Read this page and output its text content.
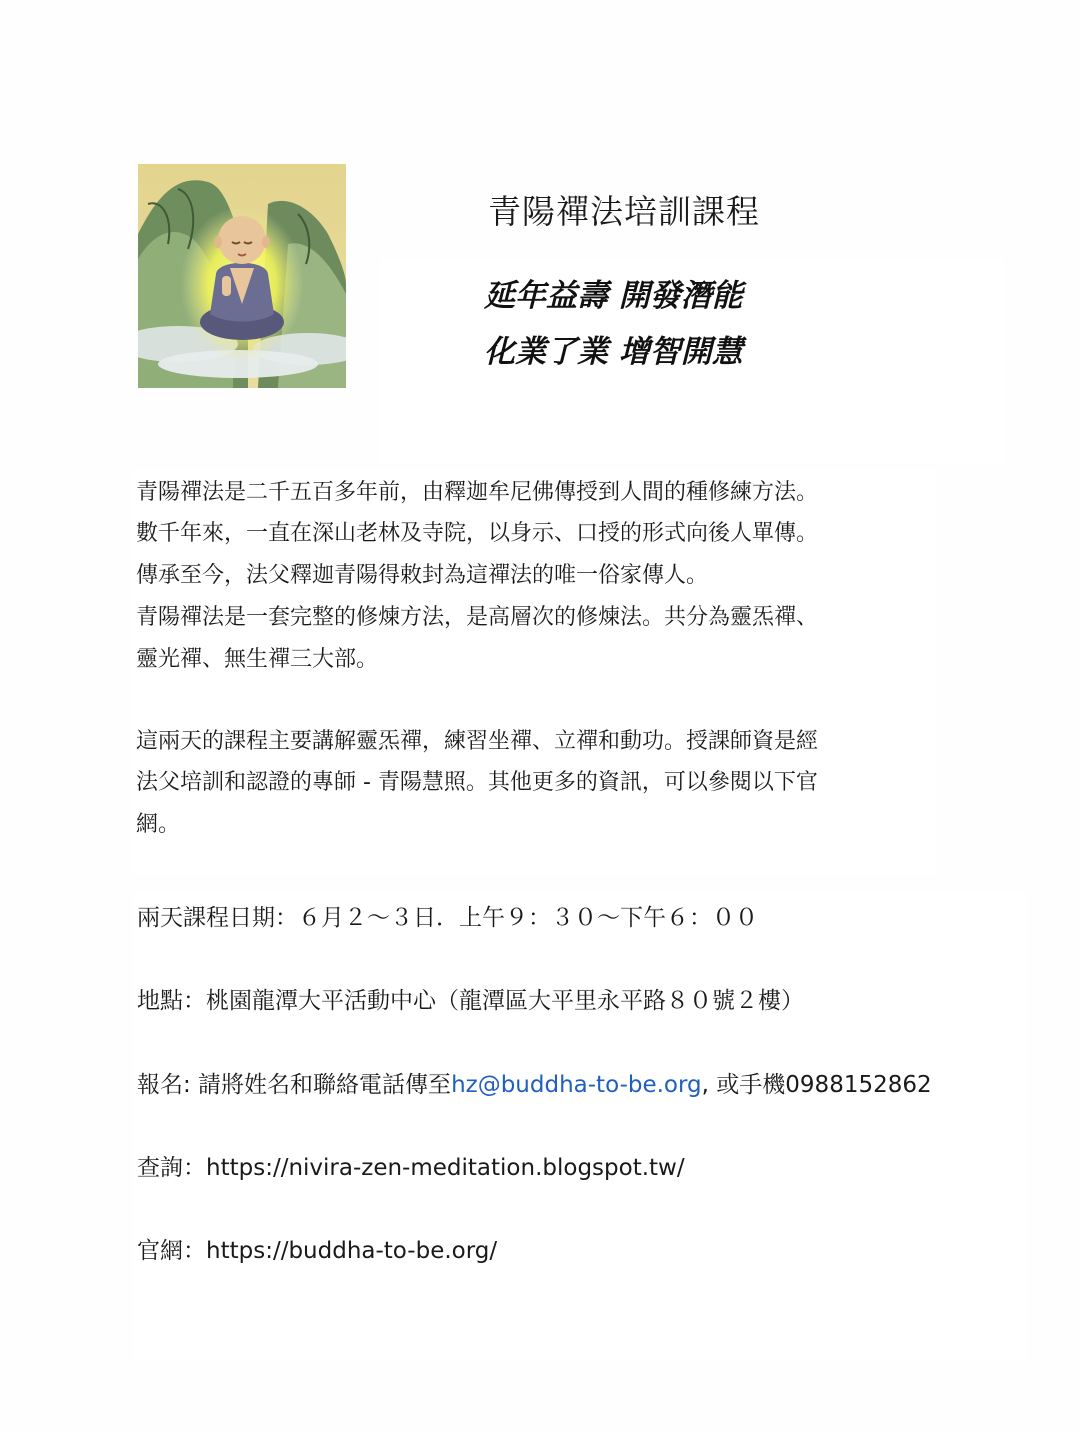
青陽禪法培訓課程
延年益壽 開發潛能
化業了業 增智開慧
青陽禪法是二千五百多年前，由釋迦牟尼佛傳授到人間的種修練方法。
數千年來，一直在深山老林及寺院，以身示、口授的形式向後人單傳。
傳承至今，法父釋迦青陽得敕封為這禪法的唯一俗家傳人。
青陽禪法是一套完整的修煉方法，是高層次的修煉法。共分為靈炁禪、
靈光禪、無生禪三大部。
這兩天的課程主要講解靈炁禪，練習坐禪、立禪和動功。授課師資是經
法父培訓和認證的專師 - 青陽慧照。其他更多的資訊，可以參閱以下官
網。
兩天課程日期：６月２～３日．上午９：３０～下午６：００
地點：桃園龍潭大平活動中心（龍潭區大平里永平路８０號２樓）
報名: 請將姓名和聯絡電話傳至hz@buddha-to-be.org, 或手機0988152862
查詢：https://nivira-zen-meditation.blogspot.tw/
官網：https://buddha-to-be.org/
